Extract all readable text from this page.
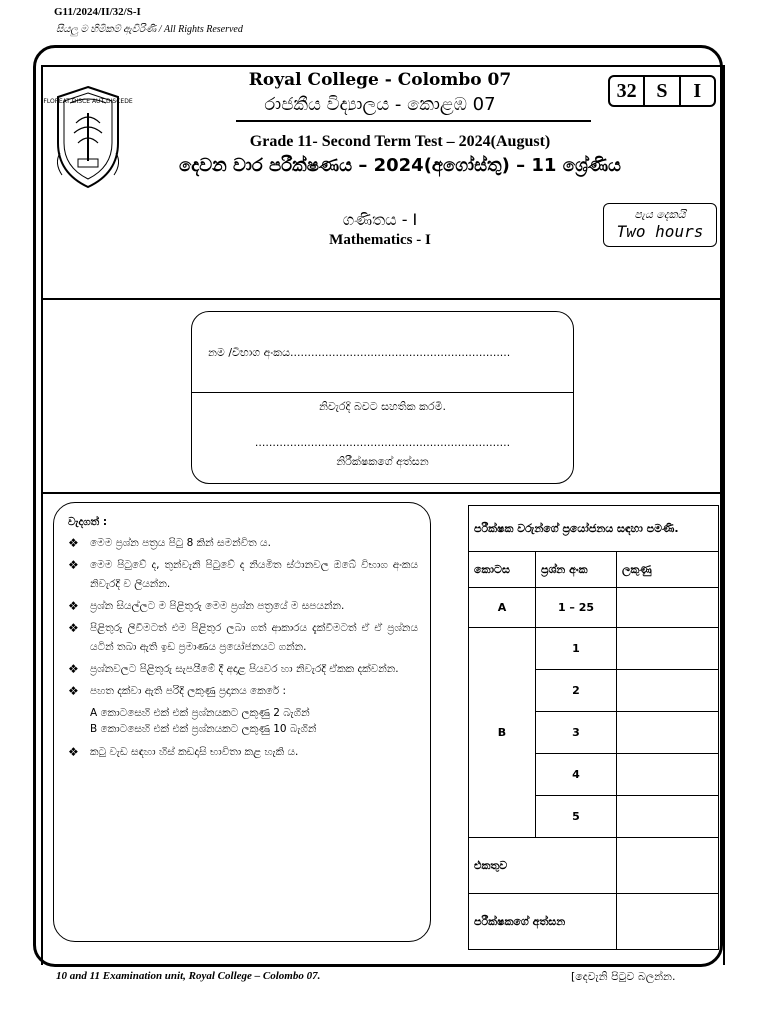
G11/2024/II/32/S-I
සියලු ම හිමිකම් ඇවිරිණි / All Rights Reserved
FLOREAT DISCE AUT DISCEDE
Royal College - Colombo 07
රාජකීය විද්‍යාලය - කොළඹ 07
32 S	I
Grade 11- Second Term Test – 2024(August)
දෙවන වාර පරීක්ෂණය – 2024(අගෝස්තු) – 11 ශ්‍රේණිය
ගණිතය - I
Mathematics - I
පැය දෙකයි
Two hours
නම /විභාග අංකය...............................................................
නිවැරදි බවට සහතික කරමි.
.........................................................................
නිරීක්ෂකගේ අත්සන
වැදගත් :
❖ මෙම ප්‍රශ්න පත්‍රය පිටු 8 කින් සමන්විත ය.
❖ මෙම පිටුවේ ද, තුන්වැනි පිටුවේ ද නියමිත ස්ථානවල ඔබේ විභාග අංකය නිවැරදි ව ලියන්න.
❖ ප්‍රශ්න සියල්ලට ම පිළිතුරු මෙම ප්‍රශ්න පත්‍රයේ ම සපයන්න.
❖ පිළිතුරු ලිවීමටත් එම පිළිතුර ලබා ගත් ආකාරය දැක්වීමටත් ඒ ඒ ප්‍රශ්නය යටින් තබා ඇති ඉඩ ප්‍රමාණය ප්‍රයෝජනයට ගන්න.
❖ ප්‍රශ්නවලට පිළිතුරු සැපයීමේ දී අදාළ පියවර හා නිවැරදි ඒකක දක්වන්න.
❖ පහත දක්වා ඇති පරිදි ලකුණු ප්‍රදානය කෙරේ :
A කොටසෙහි එක් එක් ප්‍රශ්නයකට ලකුණු 2 බැගින්
B කොටසෙහි එක් එක් ප්‍රශ්නයකට ලකුණු 10 බැගින්
❖ කටු වැඩ සඳහා හිස් කඩදාසි භාවිතා කළ හැකි ය.
පරීක්ෂක වරුන්ගේ ප්‍රයෝජනය සඳහා පමණි.		
කොටස	ප්‍රශ්න අංක	ලකුණු
A	1 – 25	
B	1	
	2	
	3	
	4	
	5	
එකතුව		
පරීක්ෂකගේ අත්සන		
10 and 11 Examination unit, Royal College – Colombo 07.	[දෙවැනි පිටුව බලන්න.
